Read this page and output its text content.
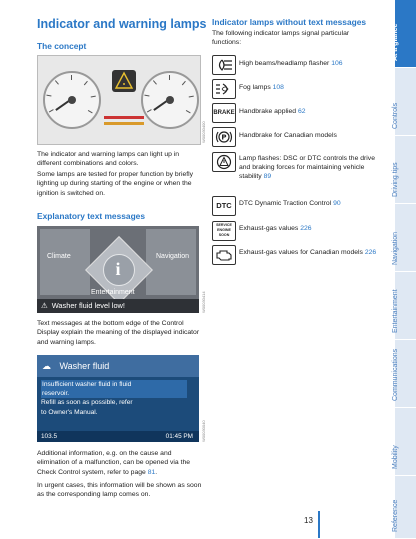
Indicator and warning lamps
The concept
W00030400
The indicator and warning lamps can light up in different combinations and colors.
Some lamps are tested for proper function by briefly lighting up during starting of the engine or when the ignition is switched on.
Explanatory text messages
Climate	Navigation
i
Entertainment
⚠ Washer fluid level low!	W00030414
Text messages at the bottom edge of the Control Display explain the meaning of the displayed indicator and warning lamps.
☁ Washer fluid
Insufficient washer fluid in fluid
reservoir.
Refill as soon as possible, refer
to Owner's Manual.
103.5	01:45 PM W00030040
Additional information, e.g. on the cause and elimination of a malfunction, can be opened via the Check Control system, refer to page 81.
In urgent cases, this information will be shown as soon as the corresponding lamp comes on.
Indicator lamps without text messages
The following indicator lamps signal particular functions:
High beams/headlamp flasher 106
Fog lamps 108
BRAKE Handbrake applied 62
P Handbrake for Canadian models
Lamp flashes: DSC or DTC controls the drive and braking forces for maintaining vehicle stability 89
DTC	DTC Dynamic Traction Control 90
SERVICE ENGINE SOON
Exhaust-gas values 226
Exhaust-gas values for Canadian models 226
At a glance
Controls
Driving tips
Navigation
Entertainment
Communications
Mobility
Reference
13
